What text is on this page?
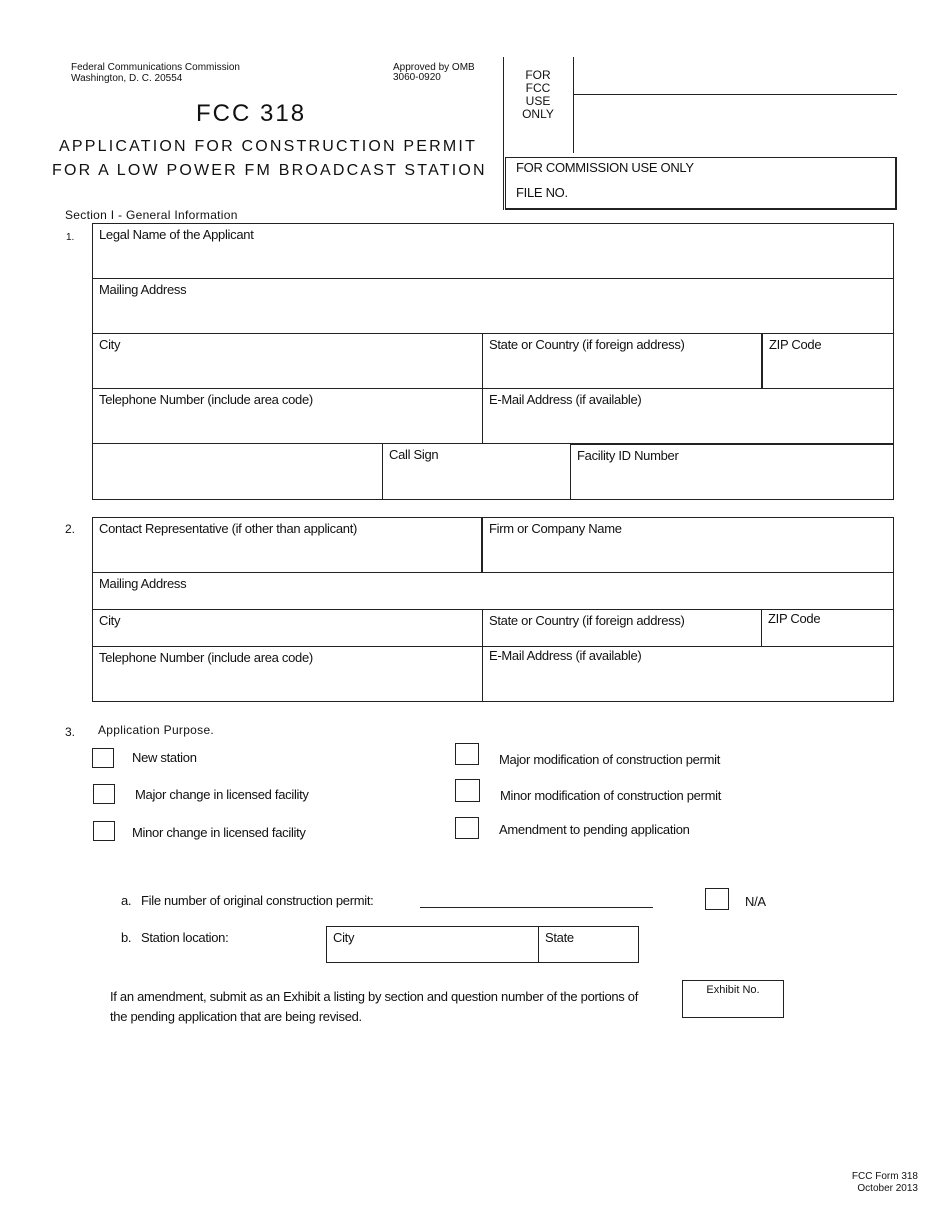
Federal Communications Commission
Washington, D. C. 20554
Approved by OMB
3060-0920
FCC 318
APPLICATION FOR CONSTRUCTION PERMIT
FOR A LOW POWER FM BROADCAST STATION
FOR
FCC
USE
ONLY
FOR COMMISSION USE ONLY
FILE NO.
Section I - General Information
1. Legal Name of the Applicant
Mailing Address
City	State or Country (if foreign address)	ZIP Code
Telephone Number (include area code)	E-Mail Address (if available)
Call Sign	Facility ID Number
2. Contact Representative (if other than applicant)	Firm or Company Name
Mailing Address
City	State or Country (if foreign address)	ZIP Code
Telephone Number (include area code)	E-Mail Address (if available)
3. Application Purpose.
New station
Major change in licensed facility
Minor change in licensed facility
Major modification of construction permit
Minor modification of construction permit
Amendment to pending application
a. File number of original construction permit:	N/A
b. Station location:	City	State
If an amendment, submit as an Exhibit a listing by section and question number of the portions of
the pending application that are being revised.
Exhibit No.
FCC Form 318
October 2013
